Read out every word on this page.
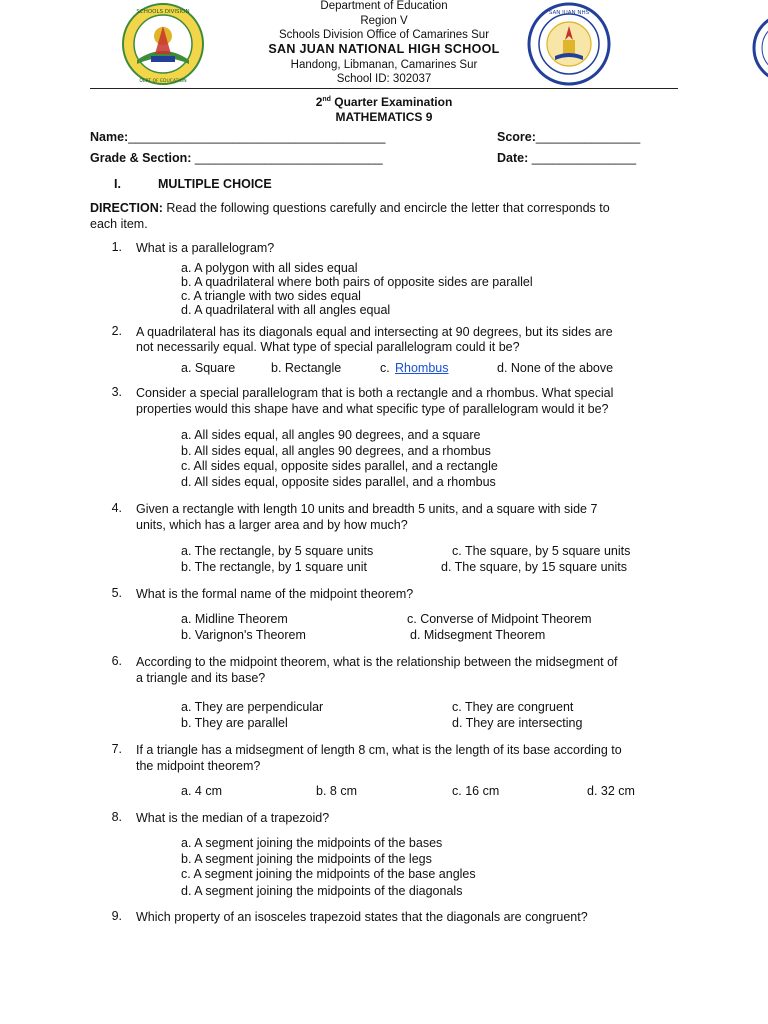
SCHOOLS DIVISION
DEPT OF EDUCATION
SAN JUAN NHS
Department of Education
Region V
Schools Division Office of Camarines Sur
SAN JUAN NATIONAL HIGH SCHOOL
Handong, Libmanan, Camarines Sur
School ID: 302037
2nd Quarter Examination
MATHEMATICS 9
Name:_____________________________________	Score:_______________
Grade & Section: ___________________________	Date: _______________
I.	MULTIPLE CHOICE
DIRECTION: Read the following questions carefully and encircle the letter that corresponds to
each item.
1. What is a parallelogram?
a. A polygon with all sides equal
b. A quadrilateral where both pairs of opposite sides are parallel
c. A triangle with two sides equal
d. A quadrilateral with all angles equal
2. A quadrilateral has its diagonals equal and intersecting at 90 degrees, but its sides are
not necessarily equal. What type of special parallelogram could it be?
a. Square	b. Rectangle	c. Rhombus	d. None of the above
3. Consider a special parallelogram that is both a rectangle and a rhombus. What special
properties would this shape have and what specific type of parallelogram would it be?
a. All sides equal, all angles 90 degrees, and a square
b. All sides equal, all angles 90 degrees, and a rhombus
c. All sides equal, opposite sides parallel, and a rectangle
d. All sides equal, opposite sides parallel, and a rhombus
4. Given a rectangle with length 10 units and breadth 5 units, and a square with side 7
units, which has a larger area and by how much?
a. The rectangle, by 5 square units	c. The square, by 5 square units
b. The rectangle, by 1 square unit	d. The square, by 15 square units
5. What is the formal name of the midpoint theorem?
a. Midline Theorem	c. Converse of Midpoint Theorem
b. Varignon's Theorem	d. Midsegment Theorem
6. According to the midpoint theorem, what is the relationship between the midsegment of
a triangle and its base?
a. They are perpendicular	c. They are congruent
b. They are parallel	d. They are intersecting
7. If a triangle has a midsegment of length 8 cm, what is the length of its base according to
the midpoint theorem?
a. 4 cm	b. 8 cm	c. 16 cm	d. 32 cm
8. What is the median of a trapezoid?
a. A segment joining the midpoints of the bases
b. A segment joining the midpoints of the legs
c. A segment joining the midpoints of the base angles
d. A segment joining the midpoints of the diagonals
9. Which property of an isosceles trapezoid states that the diagonals are congruent?
